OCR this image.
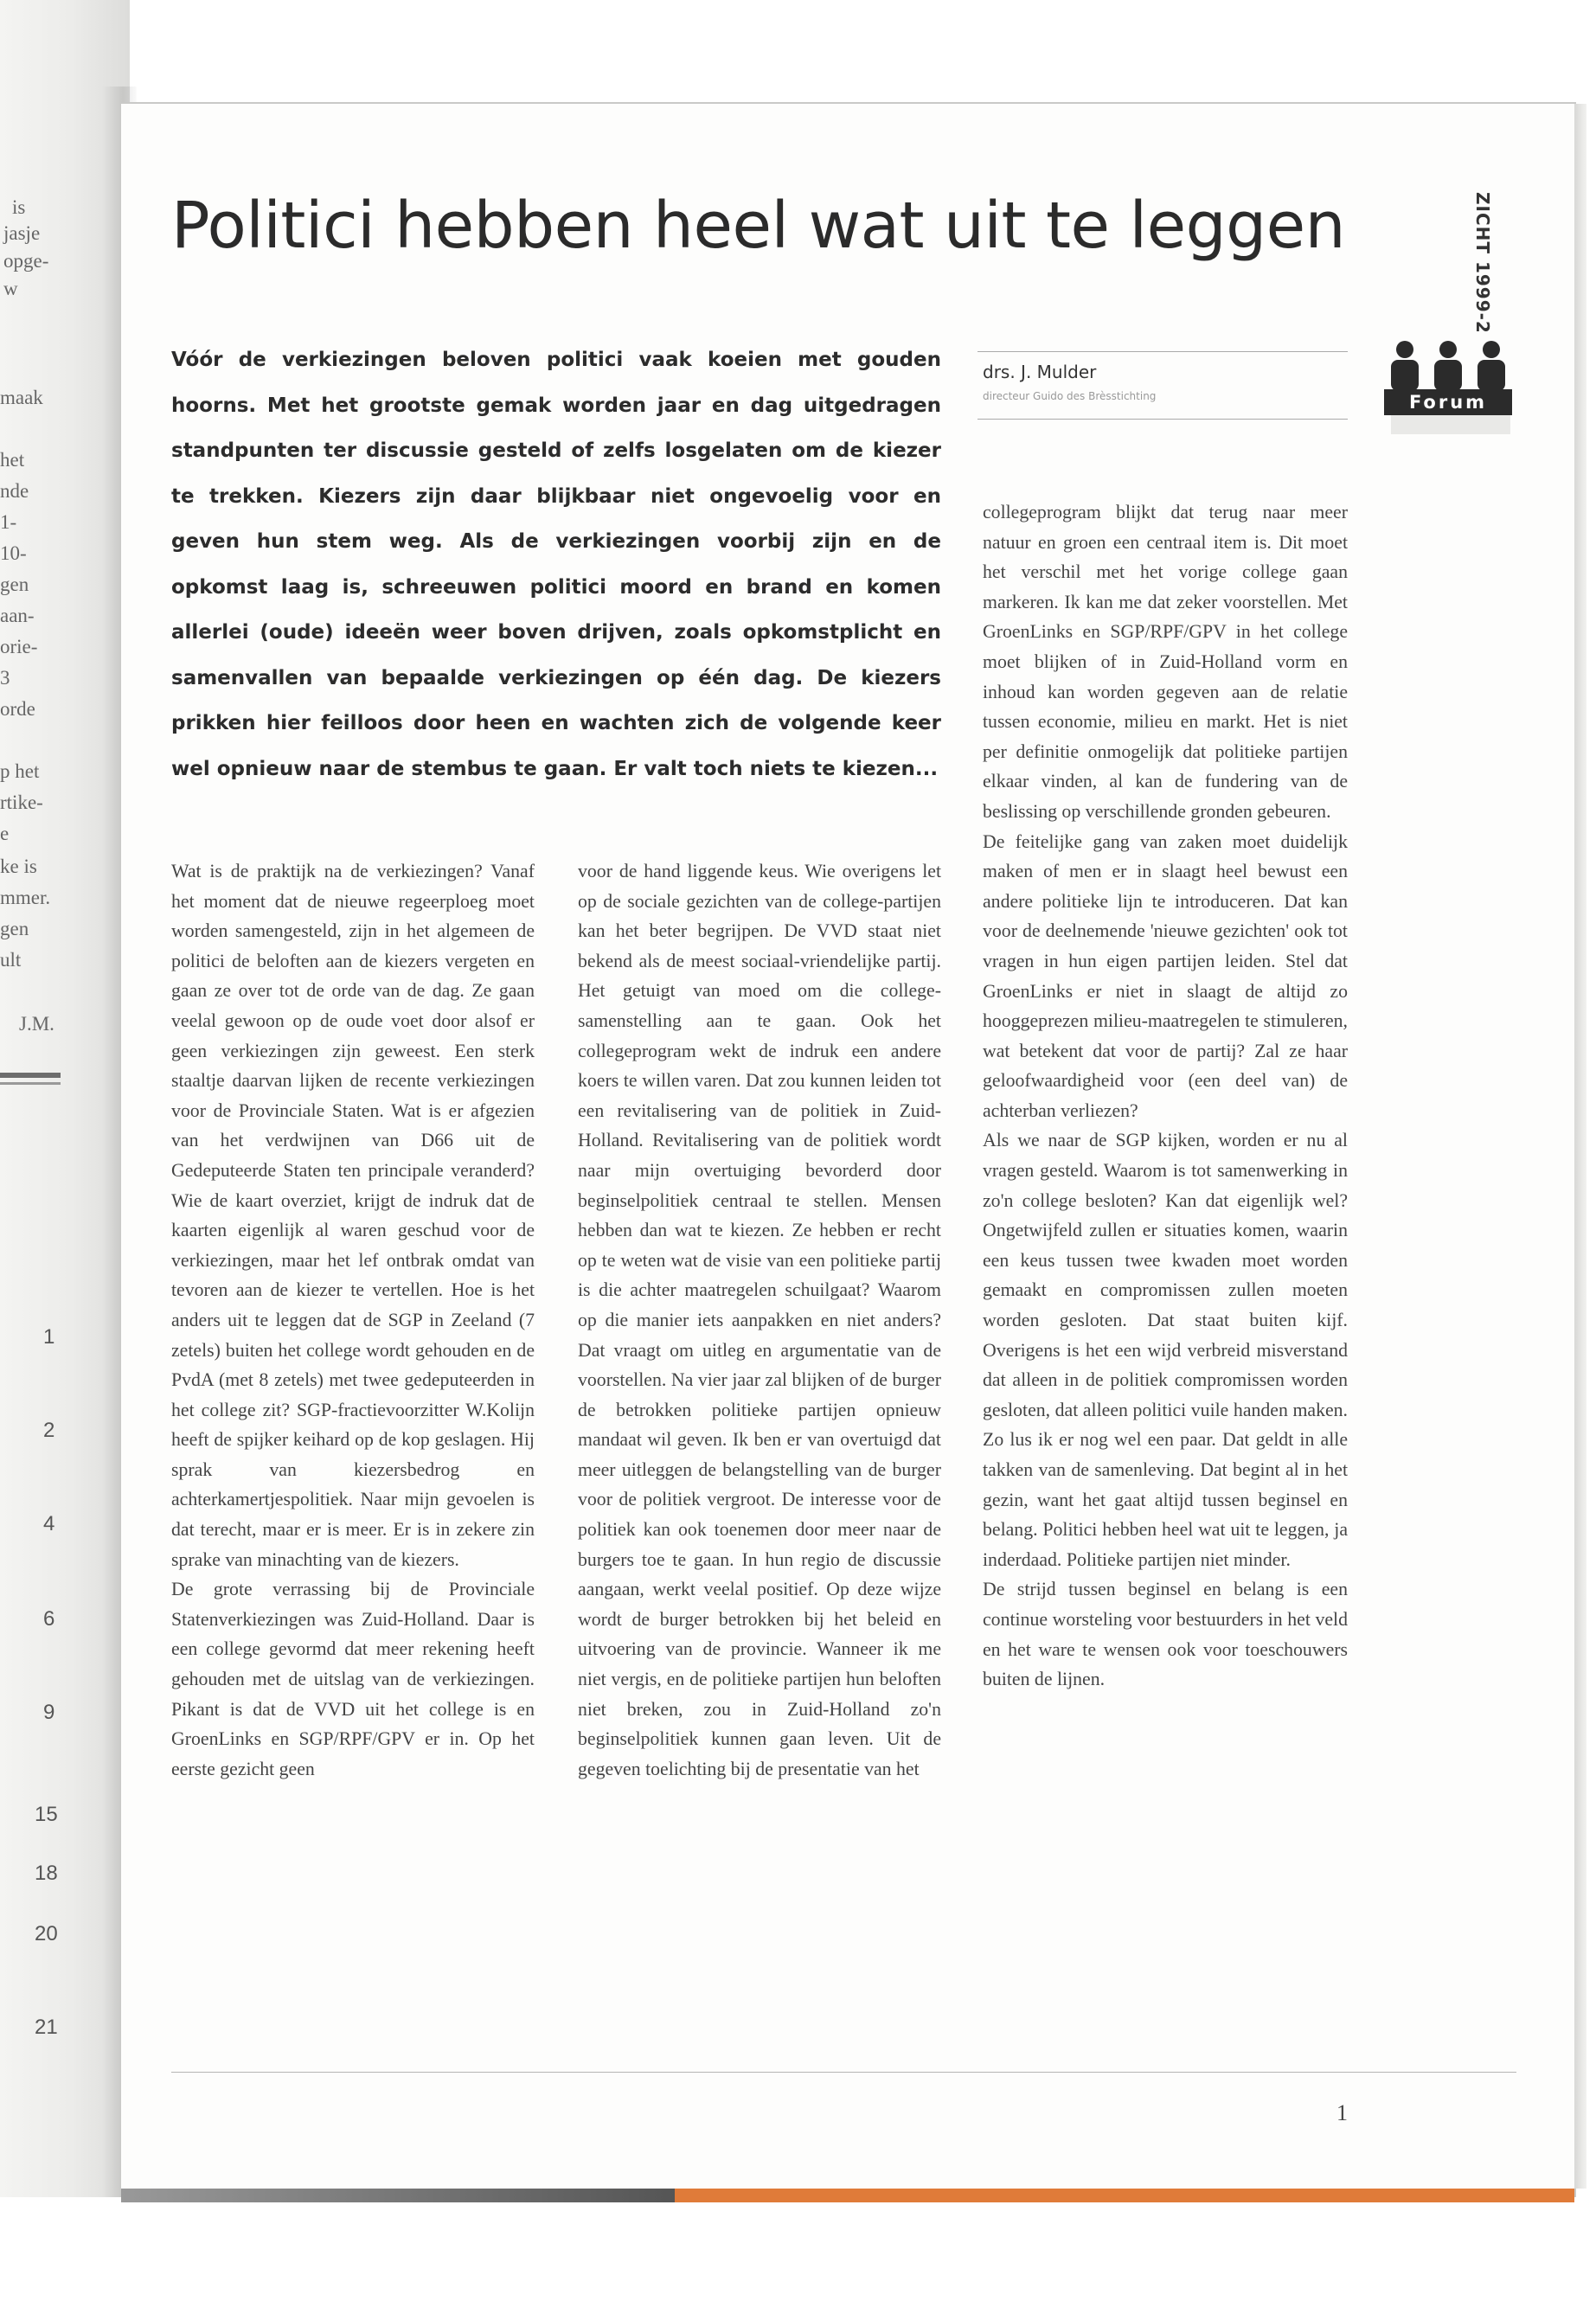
is
jasje
opge-
w
maak
het
nde
1-
10-
gen
aan-
orie-
3
orde
p het
rtike-
e
ke is
mmer.
gen
ult
J.M.
1
2
4
6
9
15
18
20
21
Politici hebben heel wat uit te leggen	ZICHT 1999-2
Forum
drs. J. Mulder
directeur Guido des Brèsstichting
Vóór de verkiezingen beloven politici vaak koeien met gouden hoorns. Met het grootste gemak worden jaar en dag uitgedragen standpunten ter discussie gesteld of zelfs losgelaten om de kiezer te trekken. Kiezers zijn daar blijkbaar niet ongevoelig voor en geven hun stem weg. Als de verkiezingen voorbij zijn en de opkomst laag is, schreeuwen politici moord en brand en komen allerlei (oude) ideeën weer boven drijven, zoals opkomstplicht en samenvallen van bepaalde verkiezingen op één dag. De kiezers prikken hier feilloos door heen en wachten zich de volgende keer wel opnieuw naar de stembus te gaan. Er valt toch niets te kiezen...

Wat is de praktijk na de verkiezingen? Vanaf het moment dat de nieuwe regeerploeg moet worden samengesteld, zijn in het algemeen de politici de beloften aan de kiezers vergeten en gaan ze over tot de orde van de dag. Ze gaan veelal gewoon op de oude voet door alsof er geen verkiezingen zijn geweest. Een sterk staaltje daarvan lijken de recente verkiezingen voor de Provinciale Staten. Wat is er afgezien van het verdwijnen van D66 uit de Gedeputeerde Staten ten principale veranderd? Wie de kaart overziet, krijgt de indruk dat de kaarten eigenlijk al waren geschud voor de verkiezingen, maar het lef ontbrak omdat van tevoren aan de kiezer te vertellen. Hoe is het anders uit te leggen dat de SGP in Zeeland (7 zetels) buiten het college wordt gehouden en de PvdA (met 8 zetels) met twee gedeputeerden in het college zit? SGP-fractievoorzitter W.Kolijn heeft de spijker keihard op de kop geslagen. Hij sprak van kiezersbedrog en achterkamertjespolitiek. Naar mijn gevoelen is dat terecht, maar er is meer. Er is in zekere zin sprake van minachting van de kiezers.

De grote verrassing bij de Provinciale Statenverkiezingen was Zuid-Holland. Daar is een college gevormd dat meer rekening heeft gehouden met de uitslag van de verkiezingen. Pikant is dat de VVD uit het college is en GroenLinks en SGP/RPF/GPV er in. Op het eerste gezicht geen

voor de hand liggende keus. Wie overigens let op de sociale gezichten van de college-partijen kan het beter begrijpen. De VVD staat niet bekend als de meest sociaal-vriendelijke partij. Het getuigt van moed om die college-samenstelling aan te gaan. Ook het collegeprogram wekt de indruk een andere koers te willen varen. Dat zou kunnen leiden tot een revitalisering van de politiek in Zuid-Holland. Revitalisering van de politiek wordt naar mijn overtuiging bevorderd door beginselpolitiek centraal te stellen. Mensen hebben dan wat te kiezen. Ze hebben er recht op te weten wat de visie van een politieke partij is die achter maatregelen schuilgaat? Waarom op die manier iets aanpakken en niet anders? Dat vraagt om uitleg en argumentatie van de voorstellen. Na vier jaar zal blijken of de burger de betrokken politieke partijen opnieuw mandaat wil geven. Ik ben er van overtuigd dat meer uitleggen de belangstelling van de burger voor de politiek vergroot. De interesse voor de politiek kan ook toenemen door meer naar de burgers toe te gaan. In hun regio de discussie aangaan, werkt veelal positief. Op deze wijze wordt de burger betrokken bij het beleid en uitvoering van de provincie. Wanneer ik me niet vergis, en de politieke partijen hun beloften niet breken, zou in Zuid-Holland zo'n beginselpolitiek kunnen gaan leven. Uit de gegeven toelichting bij de presentatie van het

collegeprogram blijkt dat terug naar meer natuur en groen een centraal item is. Dit moet het verschil met het vorige college gaan markeren. Ik kan me dat zeker voorstellen. Met GroenLinks en SGP/RPF/GPV in het college moet blijken of in Zuid-Holland vorm en inhoud kan worden gegeven aan de relatie tussen economie, milieu en markt. Het is niet per definitie onmogelijk dat politieke partijen elkaar vinden, al kan de fundering van de beslissing op verschillende gronden gebeuren.

De feitelijke gang van zaken moet duidelijk maken of men er in slaagt heel bewust een andere politieke lijn te introduceren. Dat kan voor de deelnemende 'nieuwe gezichten' ook tot vragen in hun eigen partijen leiden. Stel dat GroenLinks er niet in slaagt de altijd zo hooggeprezen milieu-maatregelen te stimuleren, wat betekent dat voor de partij? Zal ze haar geloofwaardigheid voor (een deel van) de achterban verliezen?

Als we naar de SGP kijken, worden er nu al vragen gesteld. Waarom is tot samenwerking in zo'n college besloten? Kan dat eigenlijk wel? Ongetwijfeld zullen er situaties komen, waarin een keus tussen twee kwaden moet worden gemaakt en compromissen zullen moeten worden gesloten. Dat staat buiten kijf. Overigens is het een wijd verbreid misverstand dat alleen in de politiek compromissen worden gesloten, dat alleen politici vuile handen maken. Zo lus ik er nog wel een paar. Dat geldt in alle takken van de samenleving. Dat begint al in het gezin, want het gaat altijd tussen beginsel en belang. Politici hebben heel wat uit te leggen, ja inderdaad. Politieke partijen niet minder.

De strijd tussen beginsel en belang is een continue worsteling voor bestuurders in het veld en het ware te wensen ook voor toeschouwers buiten de lijnen.

1
